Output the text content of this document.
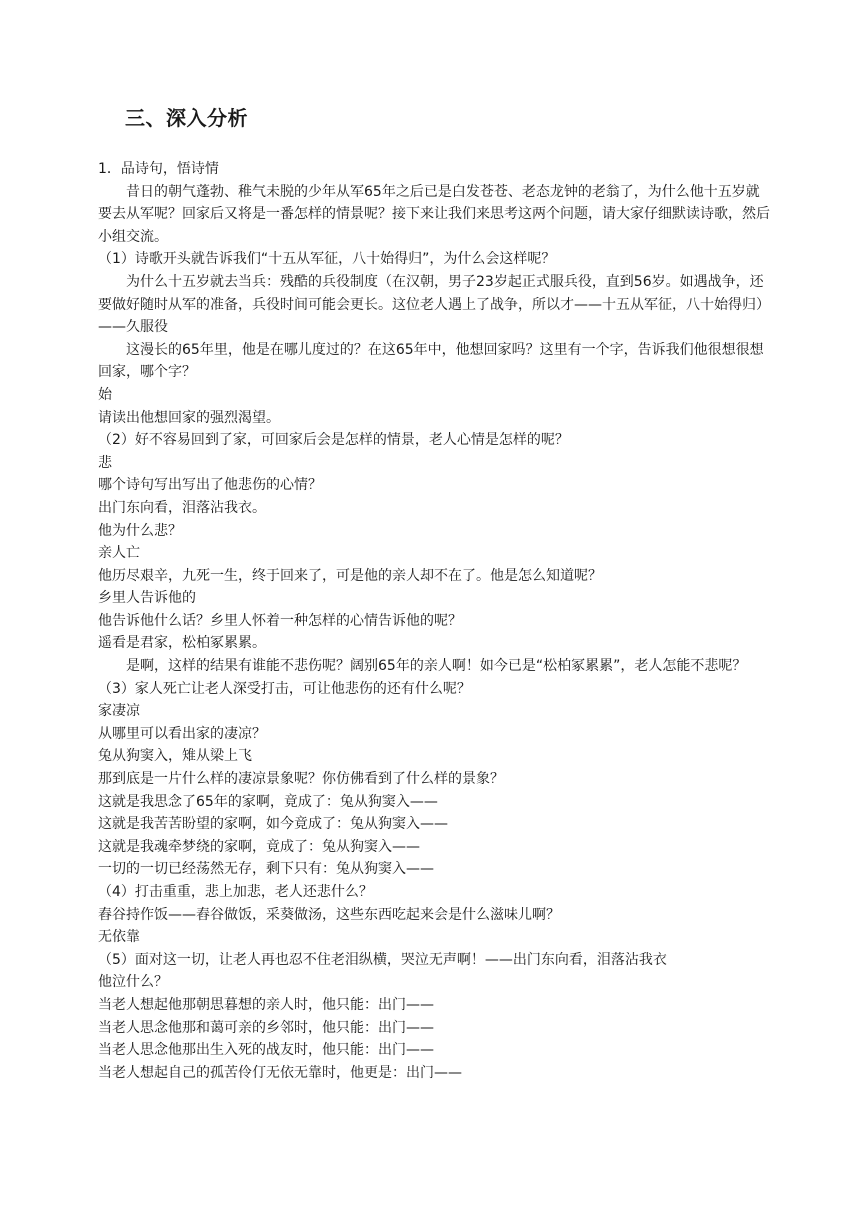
三、深入分析

1．品诗句，悟诗情

昔日的朝气蓬勃、稚气未脱的少年从军65年之后已是白发苍苍、老态龙钟的老翁了，为什么他十五岁就要去从军呢？回家后又将是一番怎样的情景呢？接下来让我们来思考这两个问题，请大家仔细默读诗歌，然后小组交流。

（1）诗歌开头就告诉我们“十五从军征，八十始得归”，为什么会这样呢？

为什么十五岁就去当兵：残酷的兵役制度（在汉朝，男子23岁起正式服兵役，直到56岁。如遇战争，还要做好随时从军的准备，兵役时间可能会更长。这位老人遇上了战争，所以才——十五从军征，八十始得归）——久服役

这漫长的65年里，他是在哪儿度过的？在这65年中，他想回家吗？这里有一个字，告诉我们他很想很想回家，哪个字？

始

请读出他想回家的强烈渴望。

（2）好不容易回到了家，可回家后会是怎样的情景，老人心情是怎样的呢？

悲

哪个诗句写出写出了他悲伤的心情？

出门东向看，泪落沾我衣。

他为什么悲？

亲人亡

他历尽艰辛，九死一生，终于回来了，可是他的亲人却不在了。他是怎么知道呢？

乡里人告诉他的

他告诉他什么话？乡里人怀着一种怎样的心情告诉他的呢？

遥看是君家，松柏冢累累。

是啊，这样的结果有谁能不悲伤呢？阔别65年的亲人啊！如今已是“松柏冢累累”，老人怎能不悲呢？

（3）家人死亡让老人深受打击，可让他悲伤的还有什么呢？

家凄凉

从哪里可以看出家的凄凉？

兔从狗窦入，雉从梁上飞

那到底是一片什么样的凄凉景象呢？你仿佛看到了什么样的景象？

这就是我思念了65年的家啊，竟成了：兔从狗窦入——

这就是我苦苦盼望的家啊，如今竟成了：兔从狗窦入——

这就是我魂牵梦绕的家啊，竟成了：兔从狗窦入——

一切的一切已经荡然无存，剩下只有：兔从狗窦入——

（4）打击重重，悲上加悲，老人还悲什么？

舂谷持作饭——舂谷做饭，采葵做汤，这些东西吃起来会是什么滋味儿啊？

无依靠

（5）面对这一切，让老人再也忍不住老泪纵横，哭泣无声啊！——出门东向看，泪落沾我衣

他泣什么？

当老人想起他那朝思暮想的亲人时，他只能：出门——

当老人思念他那和蔼可亲的乡邻时，他只能：出门——

当老人思念他那出生入死的战友时，他只能：出门——

当老人想起自己的孤苦伶仃无依无靠时，他更是：出门——
